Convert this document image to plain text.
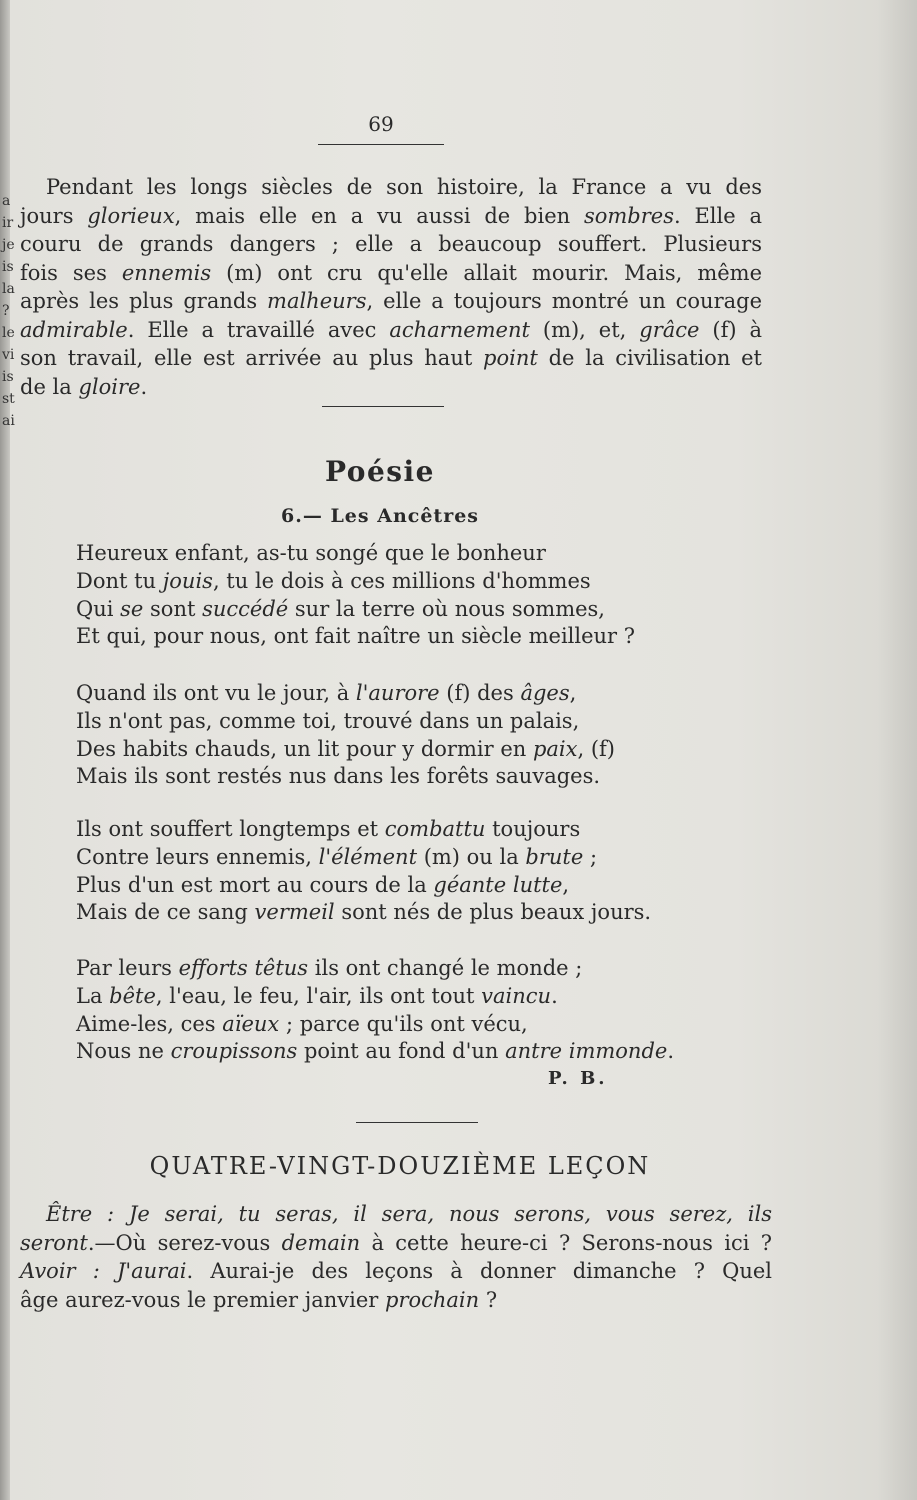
a
ir
je
is
la
?
le
vi
is
st
ai
69
Pendant les longs siècles de son histoire, la France a vu des
jours glorieux, mais elle en a vu aussi de bien sombres. Elle a
couru de grands dangers ; elle a beaucoup souffert. Plusieurs
fois ses ennemis (m) ont cru qu'elle allait mourir. Mais, même
après les plus grands malheurs, elle a toujours montré un courage
admirable. Elle a travaillé avec acharnement (m), et, grâce (f) à
son travail, elle est arrivée au plus haut point de la civilisation et
de la gloire.
Poésie
6.— Les Ancêtres
Heureux enfant, as-tu songé que le bonheur
Dont tu jouis, tu le dois à ces millions d'hommes
Qui se sont succédé sur la terre où nous sommes,
Et qui, pour nous, ont fait naître un siècle meilleur ?
Quand ils ont vu le jour, à l'aurore (f) des âges,
Ils n'ont pas, comme toi, trouvé dans un palais,
Des habits chauds, un lit pour y dormir en paix, (f)
Mais ils sont restés nus dans les forêts sauvages.
Ils ont souffert longtemps et combattu toujours
Contre leurs ennemis, l'élément (m) ou la brute ;
Plus d'un est mort au cours de la géante lutte,
Mais de ce sang vermeil sont nés de plus beaux jours.
Par leurs efforts têtus ils ont changé le monde ;
La bête, l'eau, le feu, l'air, ils ont tout vaincu.
Aime-les, ces aïeux ; parce qu'ils ont vécu,
Nous ne croupissons point au fond d'un antre immonde.
P. B.
QUATRE-VINGT-DOUZIÈME LEÇON
Être : Je serai, tu seras, il sera, nous serons, vous serez, ils
seront.—Où serez-vous demain à cette heure-ci ? Serons-nous ici ?
Avoir : J'aurai. Aurai-je des leçons à donner dimanche ? Quel
âge aurez-vous le premier janvier prochain ?
